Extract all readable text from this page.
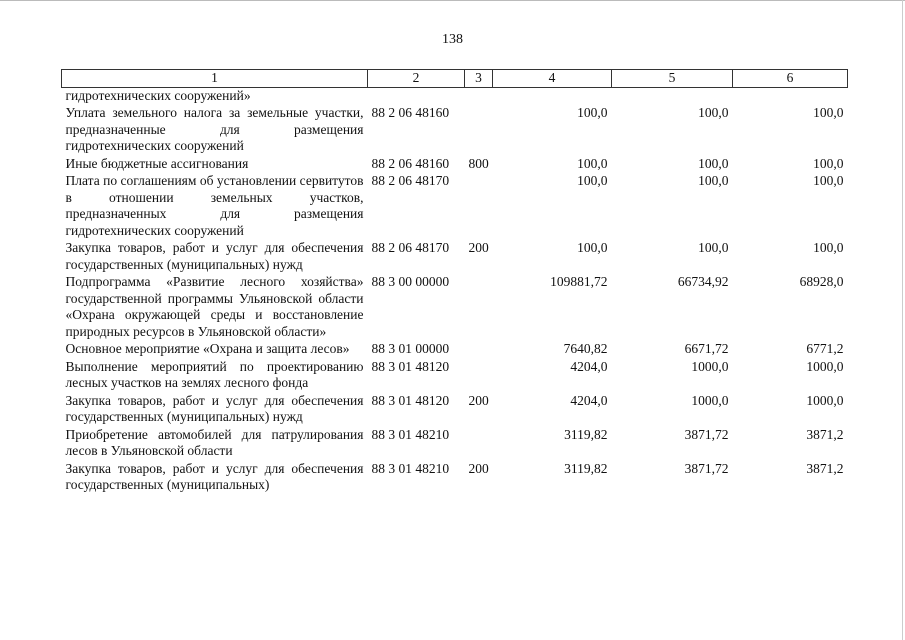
138
1	2	3	4	5	6
гидротехнических сооружений»					
Уплата земельного налога за земельные участки, предназначенные для размещения гидротехнических сооружений	88 2 06 48160		100,0	100,0	100,0
Иные бюджетные ассигнования	88 2 06 48160	800	100,0	100,0	100,0
Плата по соглашениям об установлении сервитутов в отношении земельных участков, предназначенных для размещения гидротехнических сооружений	88 2 06 48170		100,0	100,0	100,0
Закупка товаров, работ и услуг для обеспечения государственных (муниципальных) нужд	88 2 06 48170	200	100,0	100,0	100,0
Подпрограмма «Развитие лесного хозяйства» государственной программы Ульяновской области «Охрана окружающей среды и восстановление природных ресурсов в Ульяновской области»	88 3 00 00000		109881,72	66734,92	68928,0
Основное мероприятие «Охрана и защита лесов»	88 3 01 00000		7640,82	6671,72	6771,2
Выполнение мероприятий по проектированию лесных участков на землях лесного фонда	88 3 01 48120		4204,0	1000,0	1000,0
Закупка товаров, работ и услуг для обеспечения государственных (муниципальных) нужд	88 3 01 48120	200	4204,0	1000,0	1000,0
Приобретение автомобилей для патрулирования лесов в Ульяновской области	88 3 01 48210		3119,82	3871,72	3871,2
Закупка товаров, работ и услуг для обеспечения государственных (муниципальных)	88 3 01 48210	200	3119,82	3871,72	3871,2
